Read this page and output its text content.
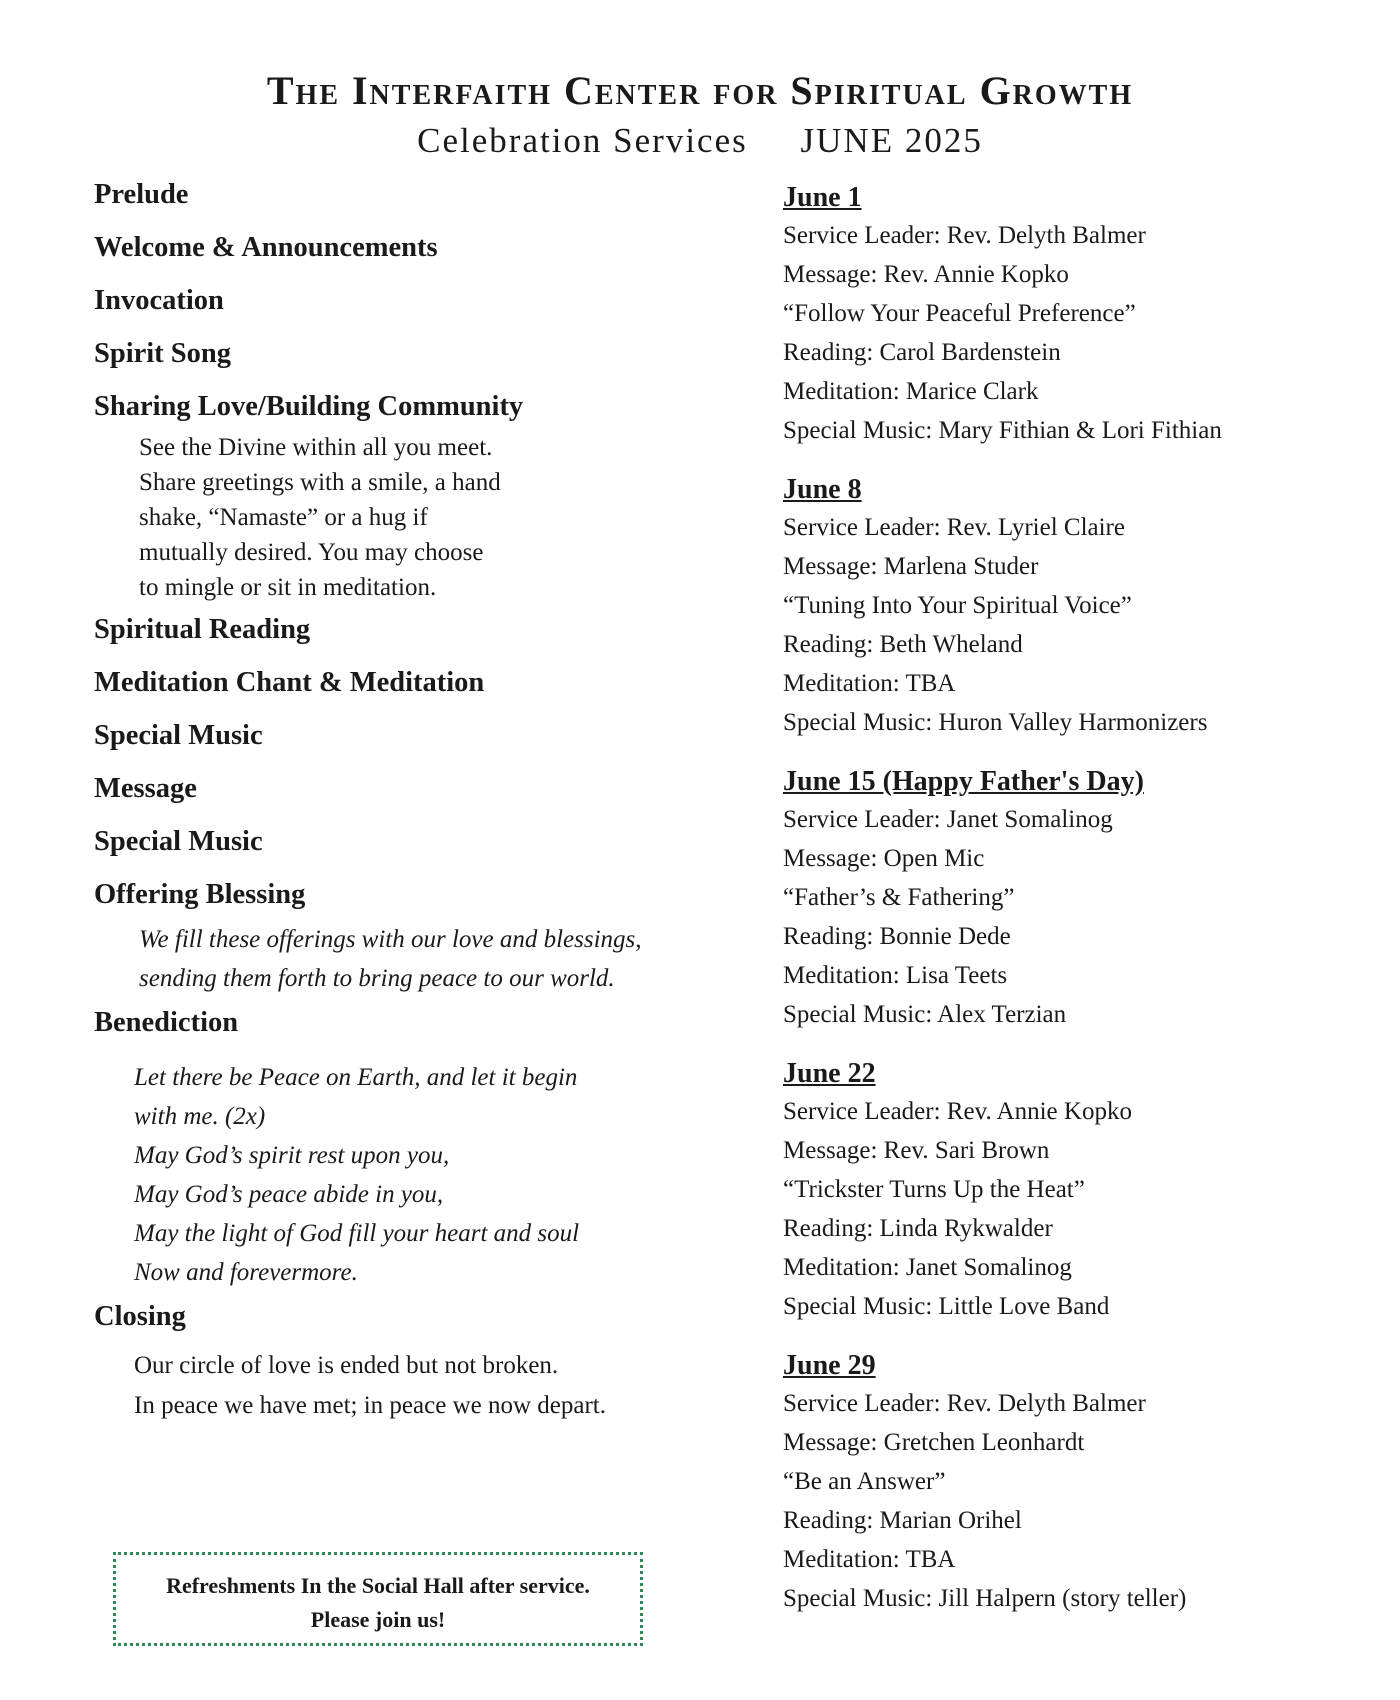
The Interfaith Center for Spiritual Growth
Celebration Services JUNE 2025
Prelude
Welcome & Announcements
Invocation
Spirit Song
Sharing Love/Building Community
See the Divine within all you meet.
Share greetings with a smile, a hand
shake, “Namaste” or a hug if
mutually desired. You may choose
to mingle or sit in meditation.
Spiritual Reading
Meditation Chant & Meditation
Special Music
Message
Special Music
Offering Blessing
We fill these offerings with our love and blessings,
sending them forth to bring peace to our world.
Benediction
Let there be Peace on Earth, and let it begin
with me. (2x)
May God’s spirit rest upon you,
May God’s peace abide in you,
May the light of God fill your heart and soul
Now and forevermore.
Closing
Our circle of love is ended but not broken.
In peace we have met; in peace we now depart.
Refreshments In the Social Hall after service.
Please join us!
June 1
Service Leader: Rev. Delyth Balmer
Message: Rev. Annie Kopko
“Follow Your Peaceful Preference”
Reading: Carol Bardenstein
Meditation: Marice Clark
Special Music: Mary Fithian & Lori Fithian
June 8
Service Leader: Rev. Lyriel Claire
Message: Marlena Studer
“Tuning Into Your Spiritual Voice”
Reading: Beth Wheland
Meditation: TBA
Special Music: Huron Valley Harmonizers
June 15 (Happy Father's Day)
Service Leader: Janet Somalinog
Message: Open Mic
“Father’s & Fathering”
Reading: Bonnie Dede
Meditation: Lisa Teets
Special Music: Alex Terzian
June 22
Service Leader: Rev. Annie Kopko
Message: Rev. Sari Brown
“Trickster Turns Up the Heat”
Reading: Linda Rykwalder
Meditation: Janet Somalinog
Special Music: Little Love Band
June 29
Service Leader: Rev. Delyth Balmer
Message: Gretchen Leonhardt
“Be an Answer”
Reading: Marian Orihel
Meditation: TBA
Special Music: Jill Halpern (story teller)
